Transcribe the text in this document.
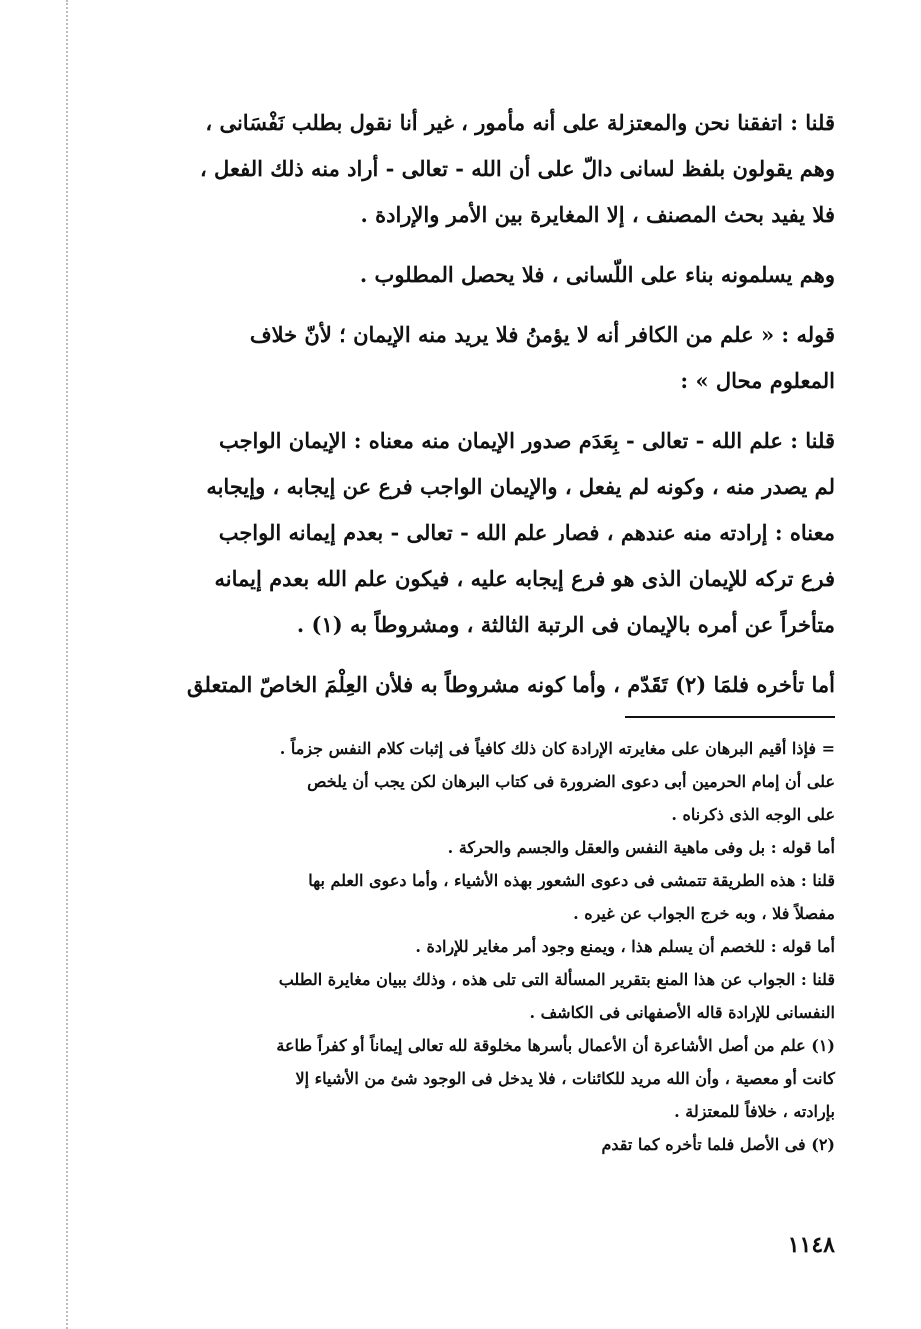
قلنا : اتفقنا نحن والمعتزلة على أنه مأمور ، غير أنا نقول بطلب نَفْسَانى ،
وهم يقولون بلفظ لسانى دالّ على أن الله - تعالى - أراد منه ذلك الفعل ،
فلا يفيد بحث المصنف ، إلا المغايرة بين الأمر والإرادة .

وهم يسلمونه بناء على اللّسانى ، فلا يحصل المطلوب .

قوله : « علم من الكافر أنه لا يؤمنُ فلا يريد منه الإيمان ؛ لأنّ خلاف
المعلوم محال » :

قلنا : علم الله - تعالى - بِعَدَم صدور الإيمان منه معناه : الإيمان الواجب
لم يصدر منه ، وكونه لم يفعل ، والإيمان الواجب فرع عن إيجابه ، وإيجابه
معناه : إرادته منه عندهم ، فصار علم الله - تعالى - بعدم إيمانه الواجب
فرع تركه للإيمان الذى هو فرع إيجابه عليه ، فيكون علم الله بعدم إيمانه
متأخراً عن أمره بالإيمان فى الرتبة الثالثة ، ومشروطاً به (١) .

أما تأخره فلمَا (٢) تَقَدّم ، وأما كونه مشروطاً به فلأن العِلْمَ الخاصّ المتعلق

= فإذا أقيم البرهان على مغايرته الإرادة كان ذلك كافياً فى إثبات كلام النفس جزماً .

على أن إمام الحرمين أبى دعوى الضرورة فى كتاب البرهان لكن يجب أن يلخص

على الوجه الذى ذكرناه .

أما قوله : بل وفى ماهية النفس والعقل والجسم والحركة .

قلنا : هذه الطريقة تتمشى فى دعوى الشعور بهذه الأشياء ، وأما دعوى العلم بها

مفصلاً فلا ، وبه خرج الجواب عن غيره .

أما قوله : للخصم أن يسلم هذا ، ويمنع وجود أمر مغاير للإرادة .

قلنا : الجواب عن هذا المنع بتقرير المسألة التى تلى هذه ، وذلك ببيان مغايرة الطلب

النفسانى للإرادة قاله الأصفهانى فى الكاشف .

(١) علم من أصل الأشاعرة أن الأعمال بأسرها مخلوقة لله تعالى إيماناً أو كفراً طاعة

كانت أو معصية ، وأن الله مريد للكائنات ، فلا يدخل فى الوجود شئ من الأشياء إلا

بإرادته ، خلافاً للمعتزلة .

(٢) فى الأصل فلما تأخره كما تقدم

١١٤٨
